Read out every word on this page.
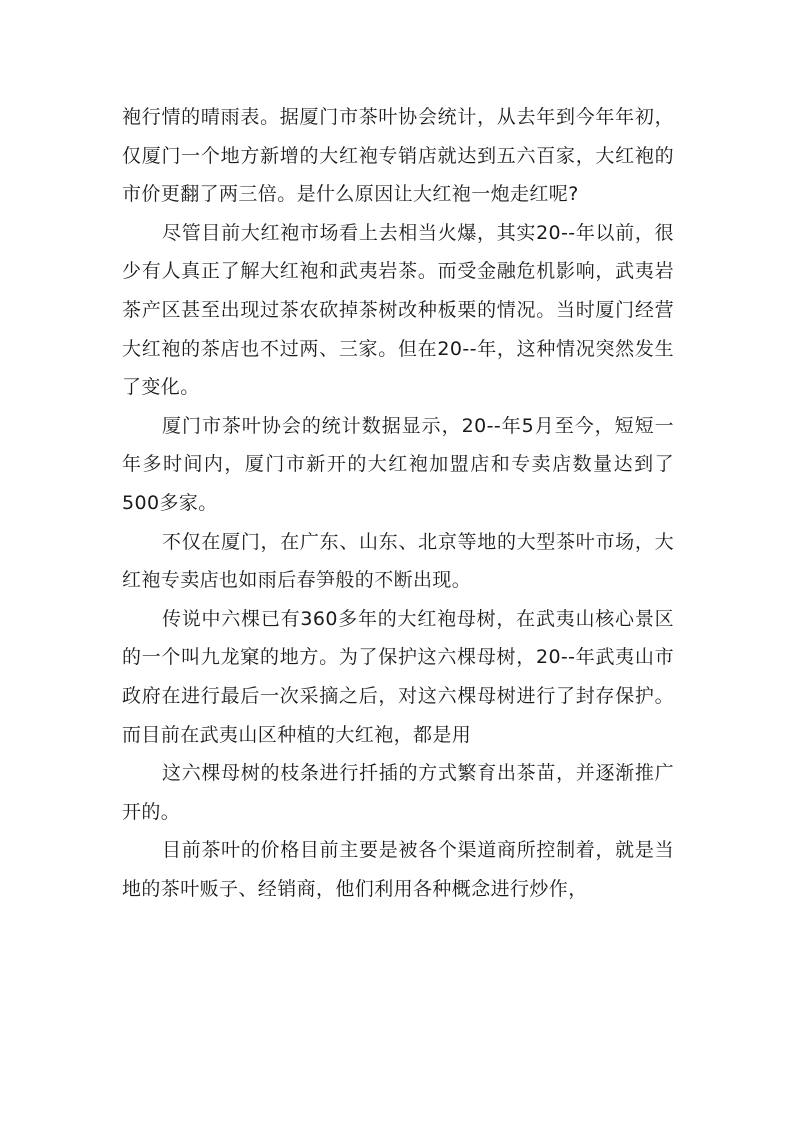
袍行情的晴雨表。据厦门市茶叶协会统计，从去年到今年年初，仅厦门一个地方新增的大红袍专销店就达到五六百家，大红袍的市价更翻了两三倍。是什么原因让大红袍一炮走红呢?

尽管目前大红袍市场看上去相当火爆，其实20--年以前，很少有人真正了解大红袍和武夷岩茶。而受金融危机影响，武夷岩茶产区甚至出现过茶农砍掉茶树改种板栗的情况。当时厦门经营大红袍的茶店也不过两、三家。但在20--年，这种情况突然发生了变化。

厦门市茶叶协会的统计数据显示，20--年5月至今，短短一年多时间内，厦门市新开的大红袍加盟店和专卖店数量达到了500多家。

不仅在厦门，在广东、山东、北京等地的大型茶叶市场，大红袍专卖店也如雨后春笋般的不断出现。

传说中六棵已有360多年的大红袍母树，在武夷山核心景区的一个叫九龙窠的地方。为了保护这六棵母树，20--年武夷山市政府在进行最后一次采摘之后，对这六棵母树进行了封存保护。而目前在武夷山区种植的大红袍，都是用

这六棵母树的枝条进行扦插的方式繁育出茶苗，并逐渐推广开的。

目前茶叶的价格目前主要是被各个渠道商所控制着，就是当地的茶叶贩子、经销商，他们利用各种概念进行炒作，
